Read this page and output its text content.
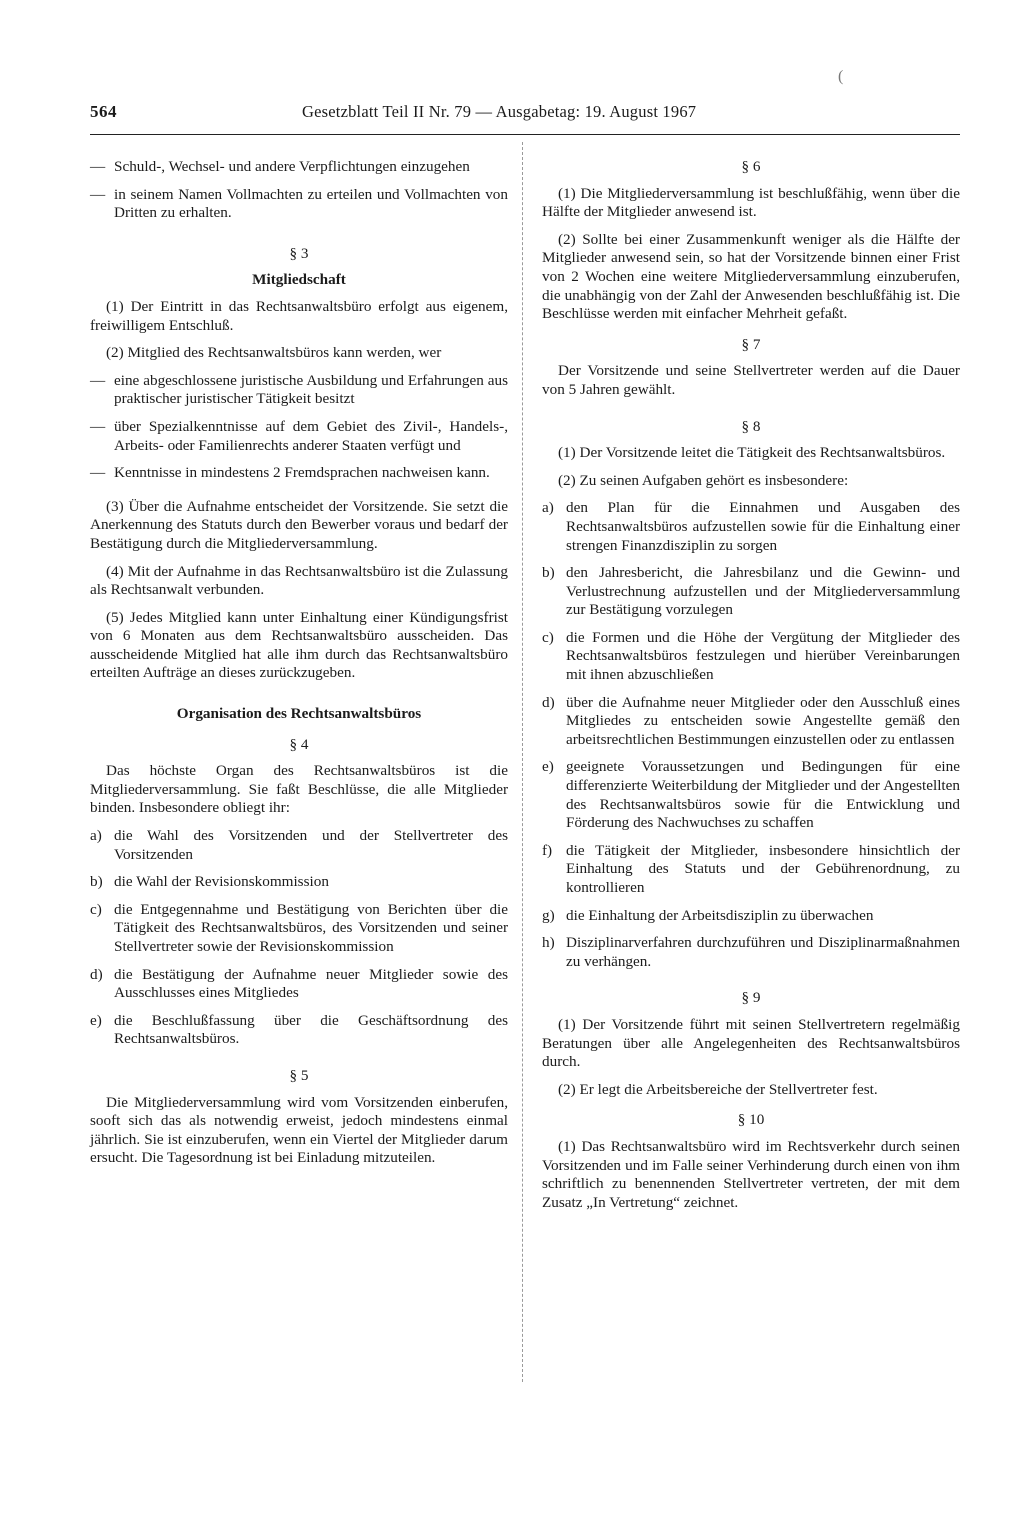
(
564	Gesetzblatt Teil II Nr. 79 — Ausgabetag: 19. August 1967
— Schuld-, Wechsel- und andere Verpflichtungen einzugehen
— in seinem Namen Vollmachten zu erteilen und Vollmachten von Dritten zu erhalten.
§ 3
Mitgliedschaft

(1) Der Eintritt in das Rechtsanwaltsbüro erfolgt aus eigenem, freiwilligem Entschluß.

(2) Mitglied des Rechtsanwaltsbüros kann werden, wer

— eine abgeschlossene juristische Ausbildung und Erfahrungen aus praktischer juristischer Tätigkeit besitzt
— über Spezialkenntnisse auf dem Gebiet des Zivil-, Handels-, Arbeits- oder Familienrechts anderer Staaten verfügt und
— Kenntnisse in mindestens 2 Fremdsprachen nachweisen kann.

(3) Über die Aufnahme entscheidet der Vorsitzende. Sie setzt die Anerkennung des Statuts durch den Bewerber voraus und bedarf der Bestätigung durch die Mitgliederversammlung.

(4) Mit der Aufnahme in das Rechtsanwaltsbüro ist die Zulassung als Rechtsanwalt verbunden.

(5) Jedes Mitglied kann unter Einhaltung einer Kündigungsfrist von 6 Monaten aus dem Rechtsanwaltsbüro ausscheiden. Das ausscheidende Mitglied hat alle ihm durch das Rechtsanwaltsbüro erteilten Aufträge an dieses zurückzugeben.

Organisation des Rechtsanwaltsbüros
§ 4

Das höchste Organ des Rechtsanwaltsbüros ist die Mitgliederversammlung. Sie faßt Beschlüsse, die alle Mitglieder binden. Insbesondere obliegt ihr:

a) die Wahl des Vorsitzenden und der Stellvertreter des Vorsitzenden
b) die Wahl der Revisionskommission
c) die Entgegennahme und Bestätigung von Berichten über die Tätigkeit des Rechtsanwaltsbüros, des Vorsitzenden und seiner Stellvertreter sowie der Revisionskommission
d) die Bestätigung der Aufnahme neuer Mitglieder sowie des Ausschlusses eines Mitgliedes
e) die Beschlußfassung über die Geschäftsordnung des Rechtsanwaltsbüros.
§ 5

Die Mitgliederversammlung wird vom Vorsitzenden einberufen, sooft sich das als notwendig erweist, jedoch mindestens einmal jährlich. Sie ist einzuberufen, wenn ein Viertel der Mitglieder darum ersucht. Die Tagesordnung ist bei Einladung mitzuteilen.

§ 6

(1) Die Mitgliederversammlung ist beschlußfähig, wenn über die Hälfte der Mitglieder anwesend ist.

(2) Sollte bei einer Zusammenkunft weniger als die Hälfte der Mitglieder anwesend sein, so hat der Vorsitzende binnen einer Frist von 2 Wochen eine weitere Mitgliederversammlung einzuberufen, die unabhängig von der Zahl der Anwesenden beschlußfähig ist. Die Beschlüsse werden mit einfacher Mehrheit gefaßt.

§ 7

Der Vorsitzende und seine Stellvertreter werden auf die Dauer von 5 Jahren gewählt.

§ 8

(1) Der Vorsitzende leitet die Tätigkeit des Rechtsanwaltsbüros.

(2) Zu seinen Aufgaben gehört es insbesondere:

a) den Plan für die Einnahmen und Ausgaben des Rechtsanwaltsbüros aufzustellen sowie für die Einhaltung einer strengen Finanzdisziplin zu sorgen
b) den Jahresbericht, die Jahresbilanz und die Gewinn- und Verlustrechnung aufzustellen und der Mitgliederversammlung zur Bestätigung vorzulegen
c) die Formen und die Höhe der Vergütung der Mitglieder des Rechtsanwaltsbüros festzulegen und hierüber Vereinbarungen mit ihnen abzuschließen
d) über die Aufnahme neuer Mitglieder oder den Ausschluß eines Mitgliedes zu entscheiden sowie Angestellte gemäß den arbeitsrechtlichen Bestimmungen einzustellen oder zu entlassen
e) geeignete Voraussetzungen und Bedingungen für eine differenzierte Weiterbildung der Mitglieder und der Angestellten des Rechtsanwaltsbüros sowie für die Entwicklung und Förderung des Nachwuchses zu schaffen
f) die Tätigkeit der Mitglieder, insbesondere hinsichtlich der Einhaltung des Statuts und der Gebührenordnung, zu kontrollieren
g) die Einhaltung der Arbeitsdisziplin zu überwachen
h) Disziplinarverfahren durchzuführen und Disziplinarmaßnahmen zu verhängen.
§ 9

(1) Der Vorsitzende führt mit seinen Stellvertretern regelmäßig Beratungen über alle Angelegenheiten des Rechtsanwaltsbüros durch.

(2) Er legt die Arbeitsbereiche der Stellvertreter fest.

§ 10

(1) Das Rechtsanwaltsbüro wird im Rechtsverkehr durch seinen Vorsitzenden und im Falle seiner Verhinderung durch einen von ihm schriftlich zu benennenden Stellvertreter vertreten, der mit dem Zusatz „In Vertretung“ zeichnet.
